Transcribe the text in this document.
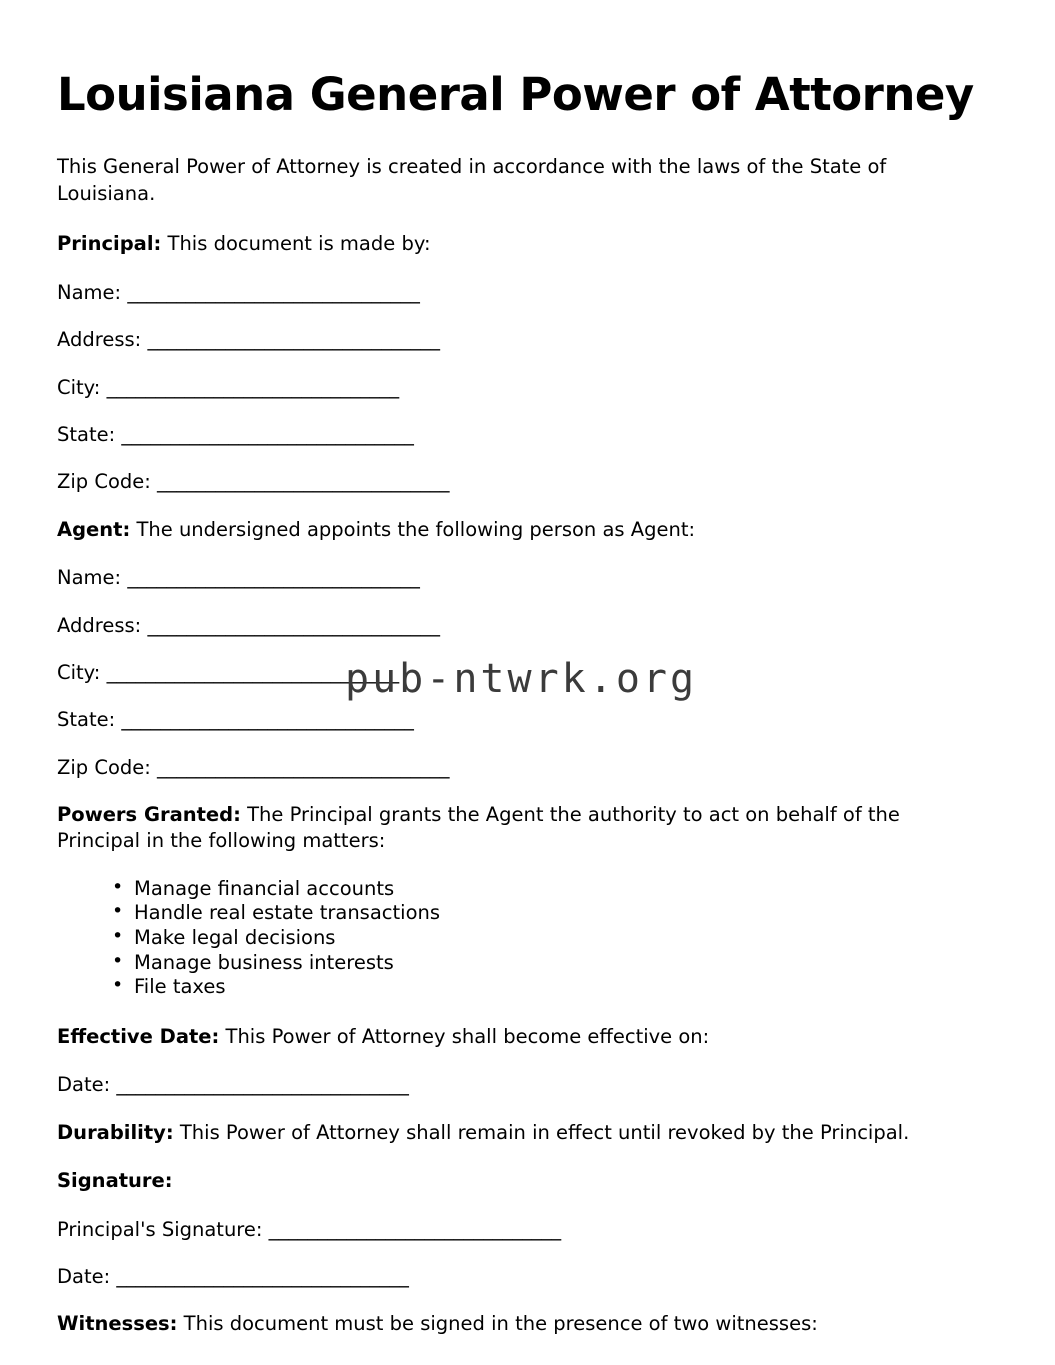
Louisiana General Power of Attorney

This General Power of Attorney is created in accordance with the laws of the State of Louisiana.

Principal: This document is made by:

Name: ______________________________

Address: ______________________________

City: ______________________________

State: ______________________________

Zip Code: ______________________________

Agent: The undersigned appoints the following person as Agent:

Name: ______________________________

Address: ______________________________

City: ______________________________

State: ______________________________

Zip Code: ______________________________

Powers Granted: The Principal grants the Agent the authority to act on behalf of the Principal in the following matters:

• Manage financial accounts
• Handle real estate transactions
• Make legal decisions
• Manage business interests
• File taxes

Effective Date: This Power of Attorney shall become effective on:

Date: ______________________________

Durability: This Power of Attorney shall remain in effect until revoked by the Principal.

Signature:

Principal's Signature: ______________________________

Date: ______________________________

Witnesses: This document must be signed in the presence of two witnesses:

pub-ntwrk.org
